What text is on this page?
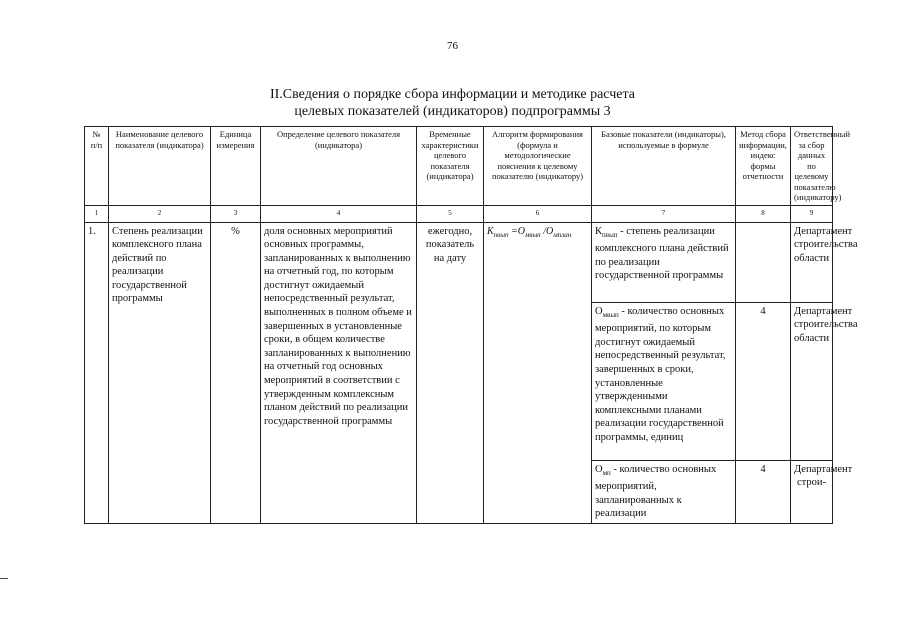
76
II.Сведения о порядке сбора информации и методике расчета
целевых показателей (индикаторов) подпрограммы 3
№ п/п	Наименование целевого показателя (индикатора)	Единица измерения	Определение целевого показателя (индикатора)	Временные характеристики целевого показателя (индикатора)	Алгоритм формирования (формула и методологические пояснения к целевому показателю (индикатору)	Базовые показатели (индикаторы), используемые в формуле	Метод сбора информации, индекс формы отчетности	Ответственный за сбор данных по целевому показателю (индикатору)
1	2	3	4	5	6	7	8	9
1.	Степень реализации комплексного плана действий по реализации государственной программы	%	доля основных мероприятий основных программы, запланированных к выполнению на отчетный год, по которым достигнут ожидаемый непосредственный результат, выполненных в полном объеме и завершенных в установленные сроки, в общем количестве запланированных к выполнению на отчетный год основных мероприятий в соответствии с утвержденным комплексным планом действий по реализации государственной программы	ежегодно, показатель на дату	$K_{пвып} =O_{мвып}$ $/O_{мплан}$	$К_{пвып}$ - степень реализации комплексного плана действий по реализации государственной программы		Департамент строительства области
						$О_{мвып}$ - количество основных мероприятий, по которым достигнут ожидаемый непосредственный результат, завершенных в сроки, установленные утвержденными комплексными планами реализации государственной программы, единиц	4	Департамент строительства области
						$О_{мп}$ - количество основных мероприятий, запланированных к реализации	4	Департамент строи-
